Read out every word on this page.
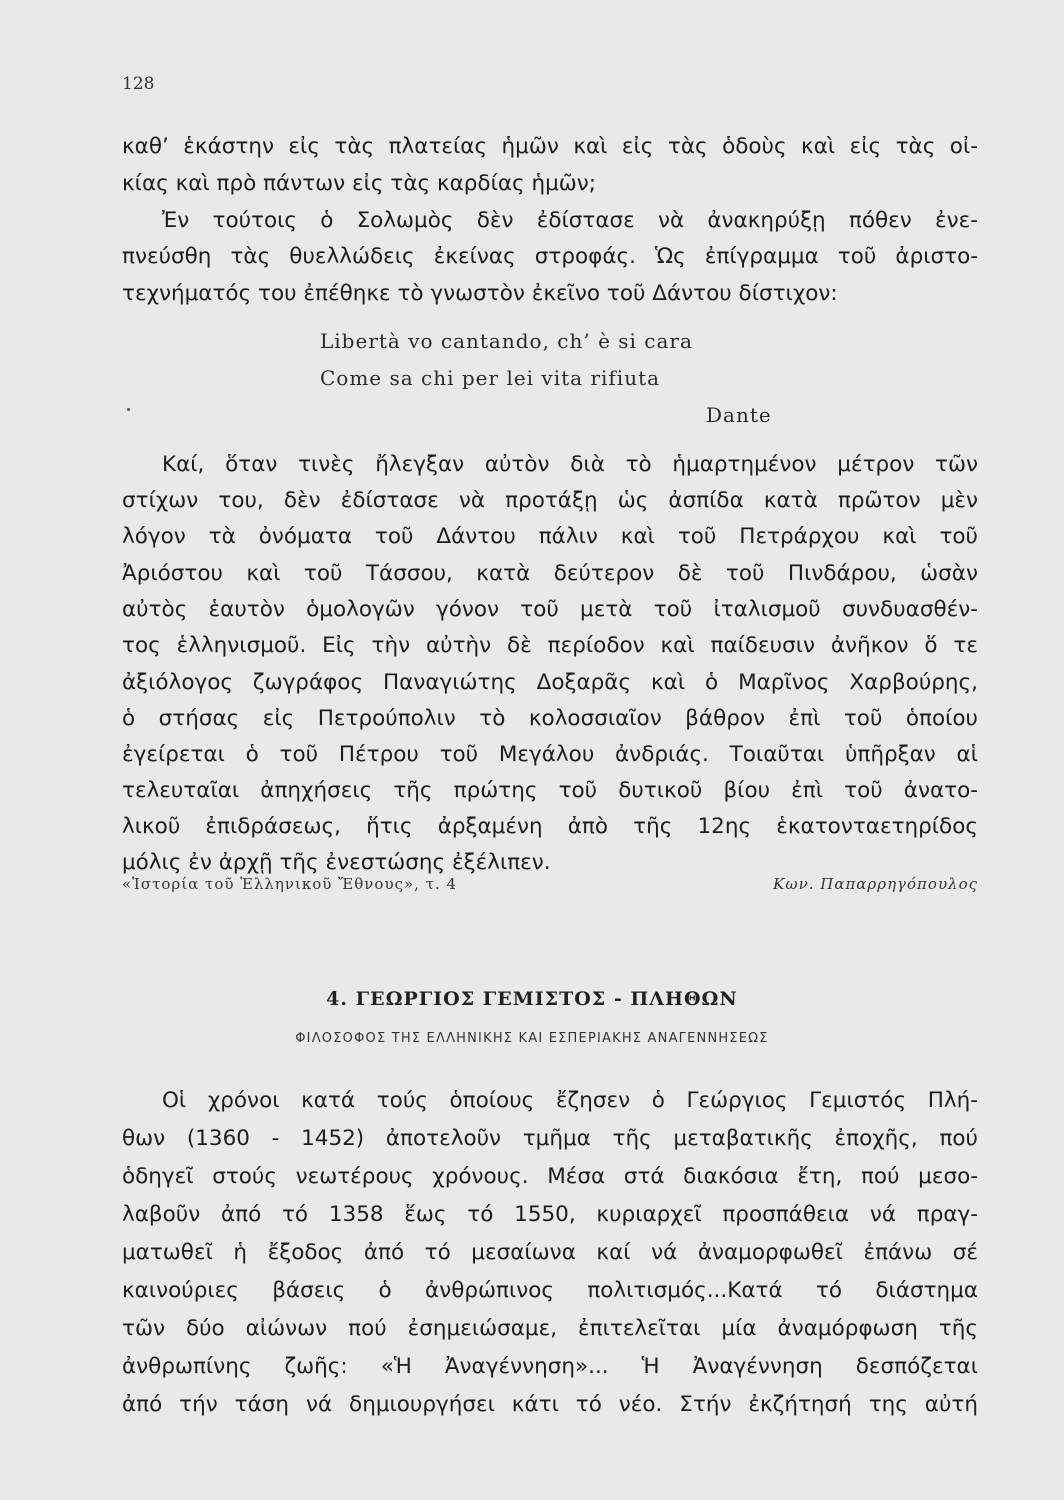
128
καθ’ ἑκάστην εἰς τὰς πλατείας ἡμῶν καὶ εἰς τὰς ὁδοὺς καὶ εἰς τὰς οἰ-
κίας καὶ πρὸ πάντων εἰς τὰς καρδίας ἡμῶν;
Ἐν τούτοις ὁ Σολωμὸς δὲν ἐδίστασε νὰ ἀνακηρύξῃ πόθεν ἐνε-
πνεύσθη τὰς θυελλώδεις ἐκείνας στροφάς. Ὡς ἐπίγραμμα τοῦ ἀριστο-
τεχνήματός του ἐπέθηκε τὸ γνωστὸν ἐκεῖνο τοῦ Δάντου δίστιχον:
Libertà vo cantando, ch’ è si cara
Come sa chi per lei vita rifiuta
Dante
Καί, ὅταν τινὲς ἤλεγξαν αὐτὸν διὰ τὸ ἡμαρτημένον μέτρον τῶν
στίχων του, δὲν ἐδίστασε νὰ προτάξῃ ὡς ἀσπίδα κατὰ πρῶτον μὲν
λόγον τὰ ὀνόματα τοῦ Δάντου πάλιν καὶ τοῦ Πετράρχου καὶ τοῦ
Ἀριόστου καὶ τοῦ Τάσσου, κατὰ δεύτερον δὲ τοῦ Πινδάρου, ὡσὰν
αὐτὸς ἑαυτὸν ὁμολογῶν γόνον τοῦ μετὰ τοῦ ἰταλισμοῦ συνδυασθέν-
τος ἑλληνισμοῦ. Εἰς τὴν αὐτὴν δὲ περίοδον καὶ παίδευσιν ἀνῆκον ὅ τε
ἀξιόλογος ζωγράφος Παναγιώτης Δοξαρᾶς καὶ ὁ Μαρῖνος Χαρβούρης,
ὁ στήσας εἰς Πετρούπολιν τὸ κολοσσιαῖον βάθρον ἐπὶ τοῦ ὁποίου
ἐγείρεται ὁ τοῦ Πέτρου τοῦ Μεγάλου ἀνδριάς. Τοιαῦται ὑπῆρξαν αἱ
τελευταῖαι ἀπηχήσεις τῆς πρώτης τοῦ δυτικοῦ βίου ἐπὶ τοῦ ἀνατο-
λικοῦ ἐπιδράσεως, ἥτις ἀρξαμένη ἀπὸ τῆς 12ης ἑκατονταετηρίδος
μόλις ἐν ἀρχῇ τῆς ἐνεστώσης ἐξέλιπεν.
«Ἱστορία τοῦ Ἑλληνικοῦ Ἔθνους», τ. 4	Κων. Παπαρρηγόπουλος
4. ΓΕΩΡΓΙΟΣ ΓΕΜΙΣΤΟΣ - ΠΛΗΘΩΝ
ΦΙΛΟΣΟΦΟΣ ΤΗΣ ΕΛΛΗΝΙΚΗΣ ΚΑΙ ΕΣΠΕΡΙΑΚΗΣ ΑΝΑΓΕΝΝΗΣΕΩΣ
Οἱ χρόνοι κατά τούς ὁποίους ἔζησεν ὁ Γεώργιος Γεμιστός Πλή-
θων (1360 - 1452) ἀποτελοῦν τμῆμα τῆς μεταβατικῆς ἐποχῆς, πού
ὁδηγεῖ στούς νεωτέρους χρόνους. Μέσα στά διακόσια ἔτη, πού μεσο-
λαβοῦν ἀπό τό 1358 ἕως τό 1550, κυριαρχεῖ προσπάθεια νά πραγ-
ματωθεῖ ἡ ἔξοδος ἀπό τό μεσαίωνα καί νά ἀναμορφωθεῖ ἐπάνω σέ
καινούριες βάσεις ὁ ἀνθρώπινος πολιτισμός...Κατά τό διάστημα
τῶν δύο αἰώνων πού ἐσημειώσαμε, ἐπιτελεῖται μία ἀναμόρφωση τῆς
ἀνθρωπίνης ζωῆς: «Ἡ Ἀναγέννηση»... Ἡ Ἀναγέννηση δεσπόζεται
ἀπό τήν τάση νά δημιουργήσει κάτι τό νέο. Στήν ἐκζήτησή της αὐτή
